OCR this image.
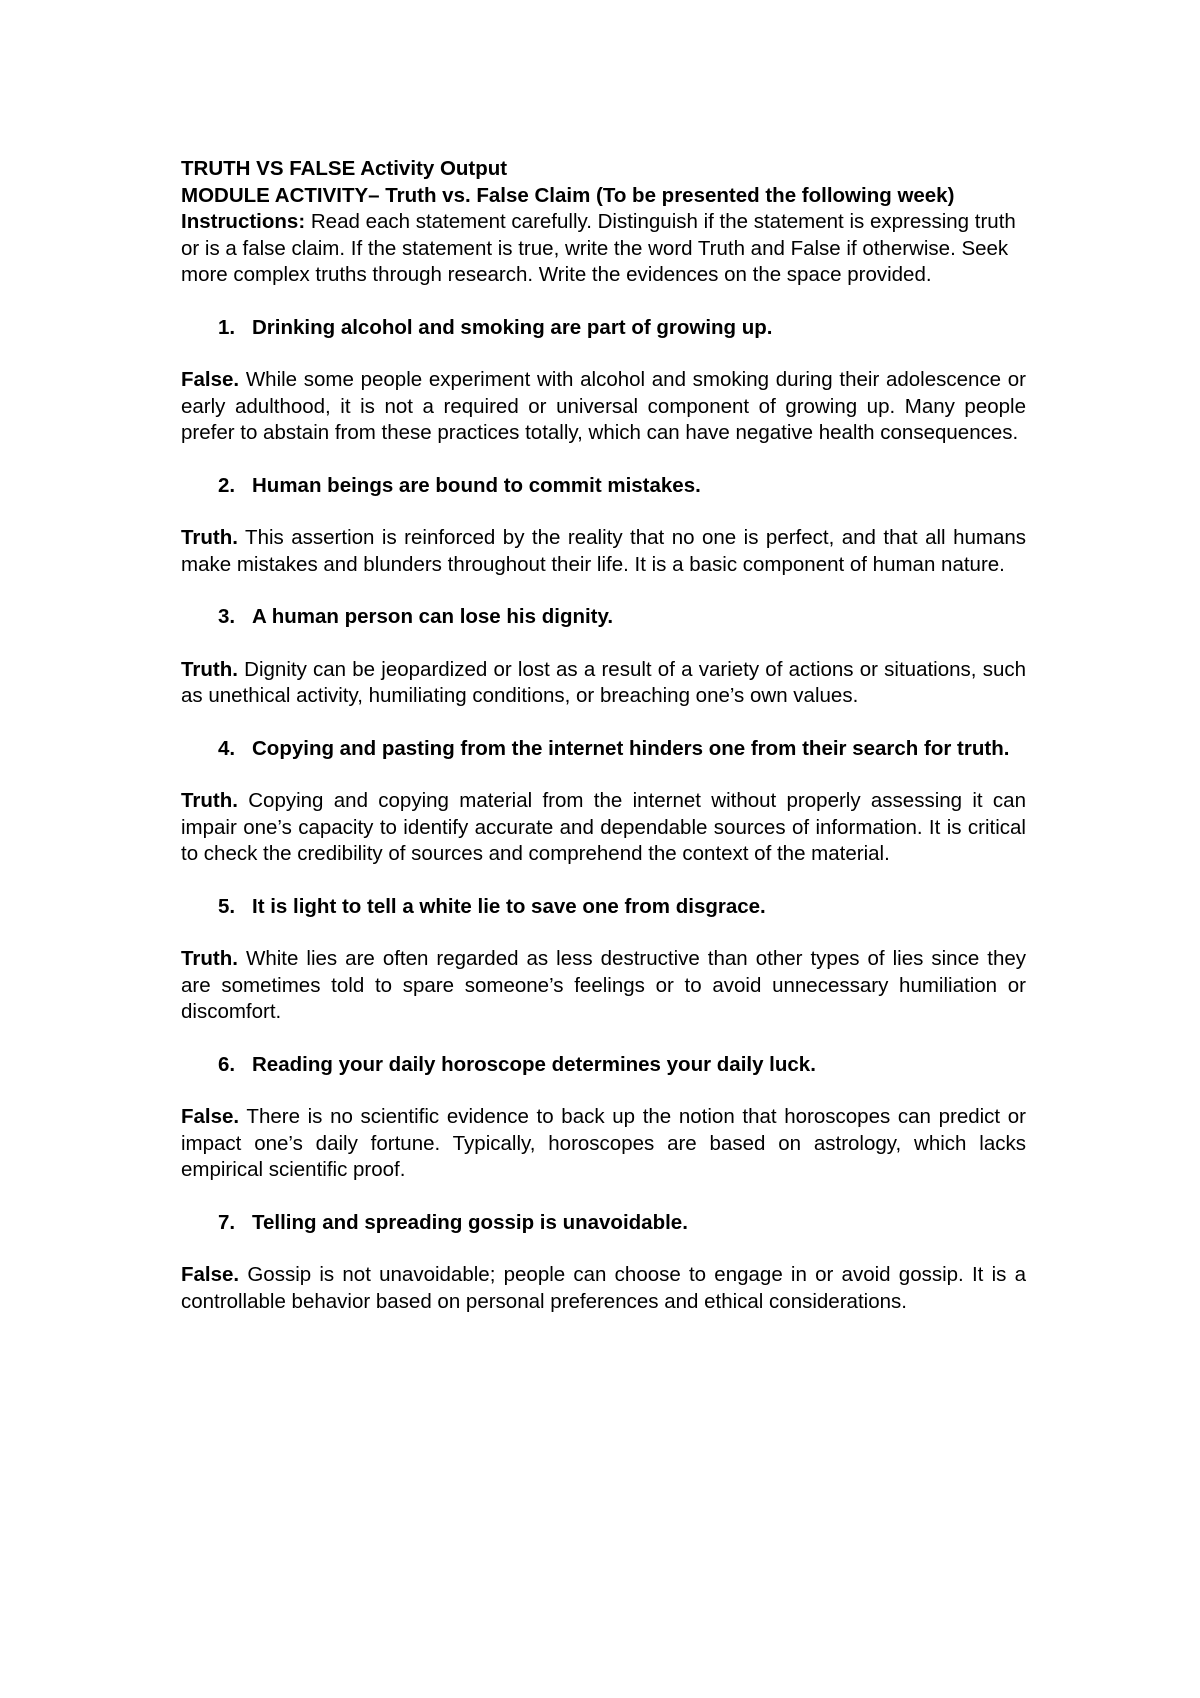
TRUTH VS FALSE Activity Output
MODULE ACTIVITY– Truth vs. False Claim (To be presented the following week)

Instructions: Read each statement carefully. Distinguish if the statement is expressing truth or is a false claim. If the statement is true, write the word Truth and False if otherwise. Seek more complex truths through research. Write the evidences on the space provided.

1. Drinking alcohol and smoking are part of growing up.

False. While some people experiment with alcohol and smoking during their adolescence or early adulthood, it is not a required or universal component of growing up. Many people prefer to abstain from these practices totally, which can have negative health consequences.

2. Human beings are bound to commit mistakes.

Truth. This assertion is reinforced by the reality that no one is perfect, and that all humans make mistakes and blunders throughout their life. It is a basic component of human nature.

3. A human person can lose his dignity.

Truth. Dignity can be jeopardized or lost as a result of a variety of actions or situations, such as unethical activity, humiliating conditions, or breaching one’s own values.

4. Copying and pasting from the internet hinders one from their search for truth.

Truth. Copying and copying material from the internet without properly assessing it can impair one’s capacity to identify accurate and dependable sources of information. It is critical to check the credibility of sources and comprehend the context of the material.

5. It is light to tell a white lie to save one from disgrace.

Truth. White lies are often regarded as less destructive than other types of lies since they are sometimes told to spare someone’s feelings or to avoid unnecessary humiliation or discomfort.

6. Reading your daily horoscope determines your daily luck.

False. There is no scientific evidence to back up the notion that horoscopes can predict or impact one’s daily fortune. Typically, horoscopes are based on astrology, which lacks empirical scientific proof.

7. Telling and spreading gossip is unavoidable.

False. Gossip is not unavoidable; people can choose to engage in or avoid gossip. It is a controllable behavior based on personal preferences and ethical considerations.
